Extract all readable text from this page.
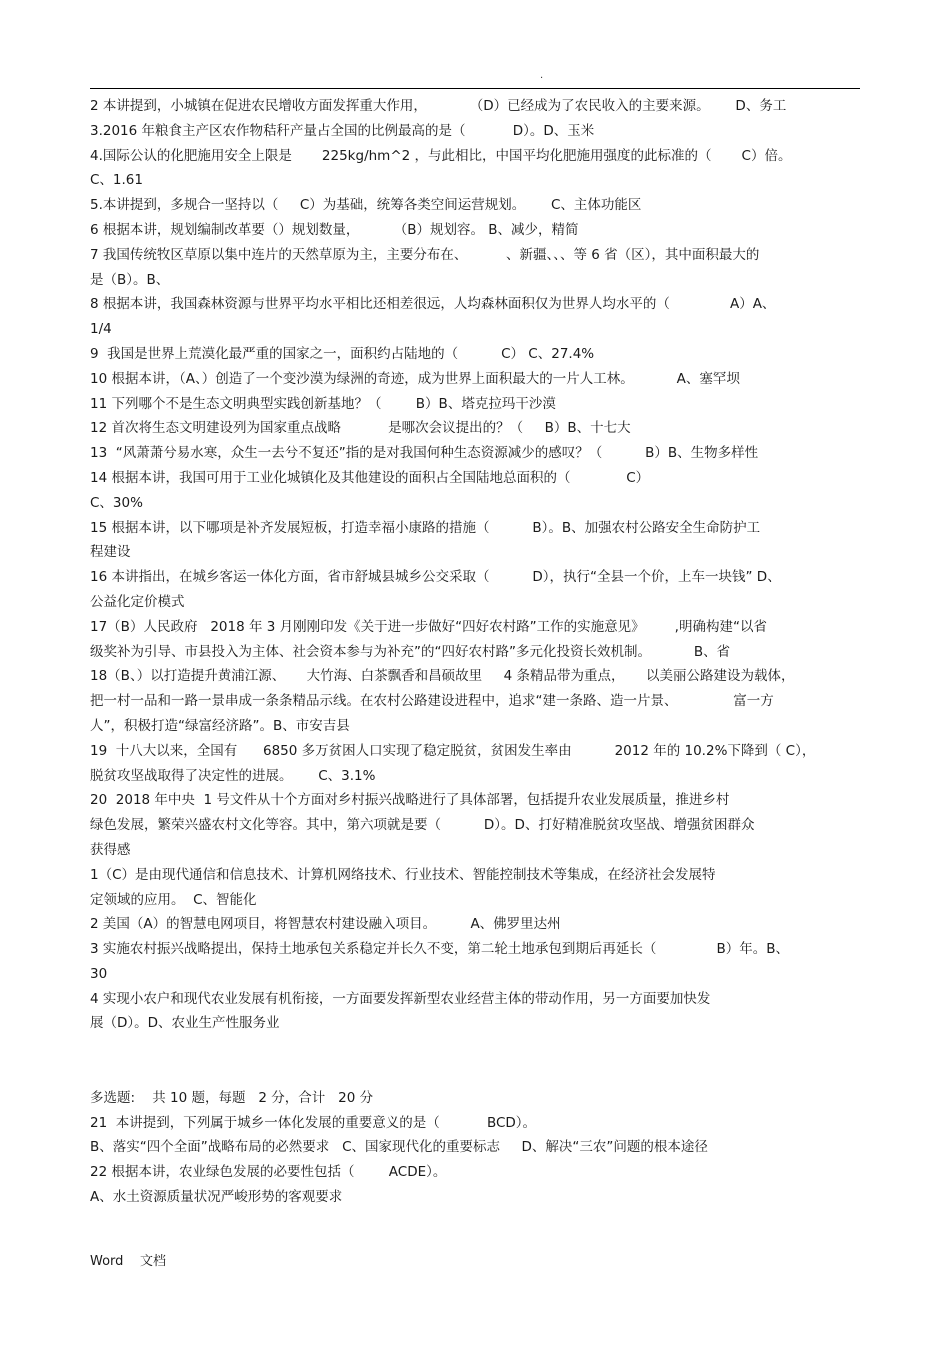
.
2 本讲提到，小城镇在促进农民增收方面发挥重大作用，          （D）已经成为了农民收入的主要来源。      D、务工
3.2016 年粮食主产区农作物秸秆产量占全国的比例最高的是（           D）。D、玉米
4.国际公认的化肥施用安全上限是       225kg/hm^2 ，与此相比，中国平均化肥施用强度的此标准的（       C）倍。
C、1.61
5.本讲提到，多规合一坚持以（     C）为基础，统筹各类空间运营规划。      C、主体功能区
6 根据本讲，规划编制改革要（）规划数量，        （B）规划容。 B、减少，精简
7 我国传统牧区草原以集中连片的天然草原为主，主要分布在、         、新疆、、、等 6 省（区），其中面积最大的
是（B）。B、
8 根据本讲，我国森林资源与世界平均水平相比还相差很远，人均森林面积仅为世界人均水平的（              A）A、
1/4
9  我国是世界上荒漠化最严重的国家之一，面积约占陆地的（          C） C、27.4%
10 根据本讲，（A、）创造了一个变沙漠为绿洲的奇迹，成为世界上面积最大的一片人工林。          A、塞罕坝
11 下列哪个不是生态文明典型实践创新基地？（        B）B、塔克拉玛干沙漠
12 首次将生态文明建设列为国家重点战略           是哪次会议提出的？（     B）B、十七大
13  “风萧萧兮易水寒，众生一去兮不复还”指的是对我国何种生态资源减少的感叹？（          B）B、生物多样性
14 根据本讲，我国可用于工业化城镇化及其他建设的面积占全国陆地总面积的（             C）
C、30%
15 根据本讲，以下哪项是补齐发展短板，打造幸福小康路的措施（          B）。B、加强农村公路安全生命防护工
程建设
16 本讲指出，在城乡客运一体化方面，省市舒城县城乡公交采取（          D），执行“全县一个价，上车一块钱” D、
公益化定价模式
17（B）人民政府   2018 年 3 月刚刚印发《关于进一步做好“四好农村路”工作的实施意见》       ,明确构建“以省
级奖补为引导、市县投入为主体、社会资本参与为补充”的“四好农村路”多元化投资长效机制。          B、省
18（B、）以打造提升黄浦江源、     大竹海、白茶飘香和昌硕故里     4 条精品带为重点，     以美丽公路建设为载体，
把一村一品和一路一景串成一条条精品示线。在农村公路建设进程中，追求“建一条路、造一片景、             富一方
人”，积极打造“绿富经济路”。B、市安吉县
19  十八大以来，全国有      6850 多万贫困人口实现了稳定脱贫，贫困发生率由          2012 年的 10.2%下降到（ C），
脱贫攻坚战取得了决定性的进展。      C、3.1%
20  2018 年中央  1 号文件从十个方面对乡村振兴战略进行了具体部署，包括提升农业发展质量，推进乡村
绿色发展，繁荣兴盛农村文化等容。其中，第六项就是要（          D）。D、打好精准脱贫攻坚战、增强贫困群众
获得感
1（C）是由现代通信和信息技术、计算机网络技术、行业技术、智能控制技术等集成，在经济社会发展特
定领域的应用。  C、智能化
2 美国（A）的智慧电网项目，将智慧农村建设融入项目。        A、佛罗里达州
3 实施农村振兴战略提出，保持土地承包关系稳定并长久不变，第二轮土地承包到期后再延长（              B）年。B、
30
4 实现小农户和现代农业发展有机衔接，一方面要发挥新型农业经营主体的带动作用，另一方面要加快发
展（D）。D、农业生产性服务业
多选题:    共 10 题，每题   2 分，合计   20 分
21  本讲提到，下列属于城乡一体化发展的重要意义的是（           BCD）。
B、落实“四个全面”战略布局的必然要求   C、国家现代化的重要标志     D、解决“三农”问题的根本途径
22 根据本讲，农业绿色发展的必要性包括（        ACDE）。
A、水土资源质量状况严峻形势的客观要求
Word    文档
